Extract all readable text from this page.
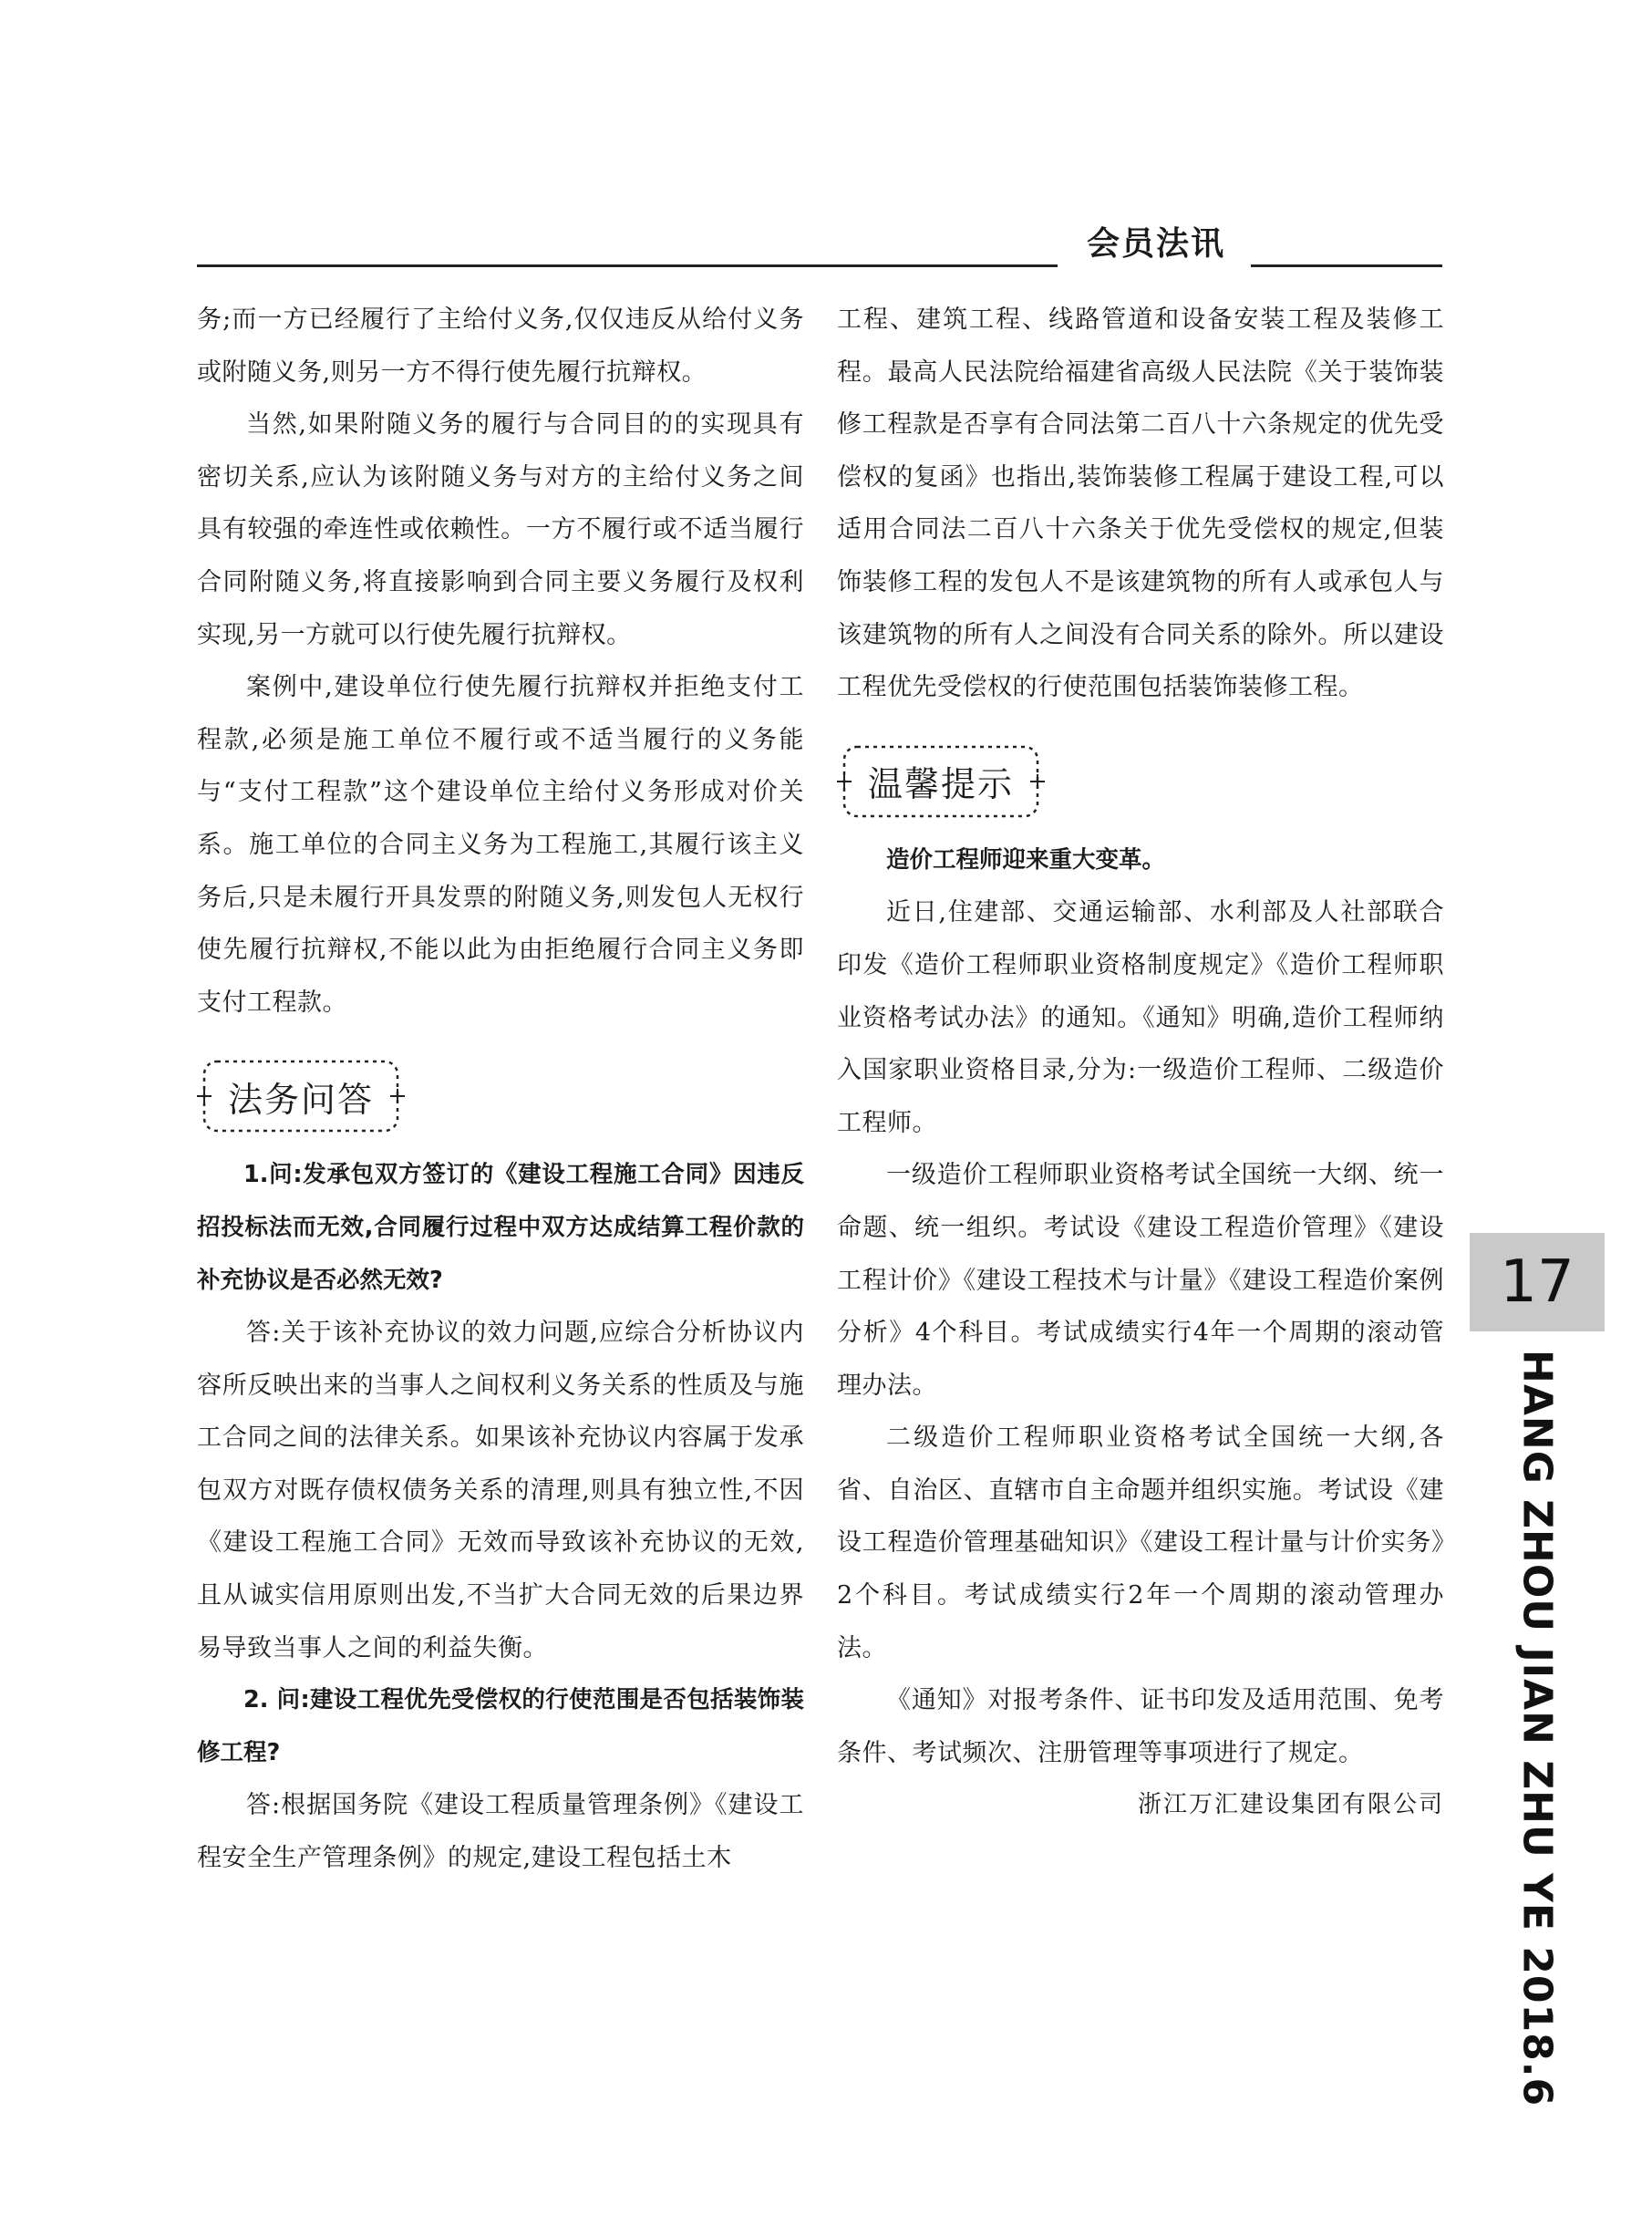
会员法讯

务;而一方已经履行了主给付义务,仅仅违反从给付义务或附随义务,则另一方不得行使先履行抗辩权。

当然,如果附随义务的履行与合同目的的实现具有密切关系,应认为该附随义务与对方的主给付义务之间具有较强的牵连性或依赖性。一方不履行或不适当履行合同附随义务,将直接影响到合同主要义务履行及权利实现,另一方就可以行使先履行抗辩权。

案例中,建设单位行使先履行抗辩权并拒绝支付工程款,必须是施工单位不履行或不适当履行的义务能与“支付工程款”这个建设单位主给付义务形成对价关系。施工单位的合同主义务为工程施工,其履行该主义务后,只是未履行开具发票的附随义务,则发包人无权行使先履行抗辩权,不能以此为由拒绝履行合同主义务即支付工程款。

法务问答

1.问:发承包双方签订的《建设工程施工合同》因违反招投标法而无效,合同履行过程中双方达成结算工程价款的补充协议是否必然无效?

答:关于该补充协议的效力问题,应综合分析协议内容所反映出来的当事人之间权利义务关系的性质及与施工合同之间的法律关系。如果该补充协议内容属于发承包双方对既存债权债务关系的清理,则具有独立性,不因《建设工程施工合同》无效而导致该补充协议的无效,且从诚实信用原则出发,不当扩大合同无效的后果边界易导致当事人之间的利益失衡。

2. 问:建设工程优先受偿权的行使范围是否包括装饰装修工程?

答:根据国务院《建设工程质量管理条例》《建设工程安全生产管理条例》的规定,建设工程包括土木

工程、建筑工程、线路管道和设备安装工程及装修工程。最高人民法院给福建省高级人民法院《关于装饰装修工程款是否享有合同法第二百八十六条规定的优先受偿权的复函》也指出,装饰装修工程属于建设工程,可以适用合同法二百八十六条关于优先受偿权的规定,但装饰装修工程的发包人不是该建筑物的所有人或承包人与该建筑物的所有人之间没有合同关系的除外。所以建设工程优先受偿权的行使范围包括装饰装修工程。

温馨提示

造价工程师迎来重大变革。

近日,住建部、交通运输部、水利部及人社部联合印发《造价工程师职业资格制度规定》《造价工程师职业资格考试办法》的通知。《通知》明确,造价工程师纳入国家职业资格目录,分为:一级造价工程师、二级造价工程师。

一级造价工程师职业资格考试全国统一大纲、统一命题、统一组织。考试设《建设工程造价管理》《建设工程计价》《建设工程技术与计量》《建设工程造价案例分析》4个科目。考试成绩实行4年一个周期的滚动管理办法。

二级造价工程师职业资格考试全国统一大纲,各省、自治区、直辖市自主命题并组织实施。考试设《建设工程造价管理基础知识》《建设工程计量与计价实务》2个科目。考试成绩实行2年一个周期的滚动管理办法。

《通知》对报考条件、证书印发及适用范围、免考条件、考试频次、注册管理等事项进行了规定。

浙江万汇建设集团有限公司

17
HANG ZHOU JIAN ZHU YE 2018.6
